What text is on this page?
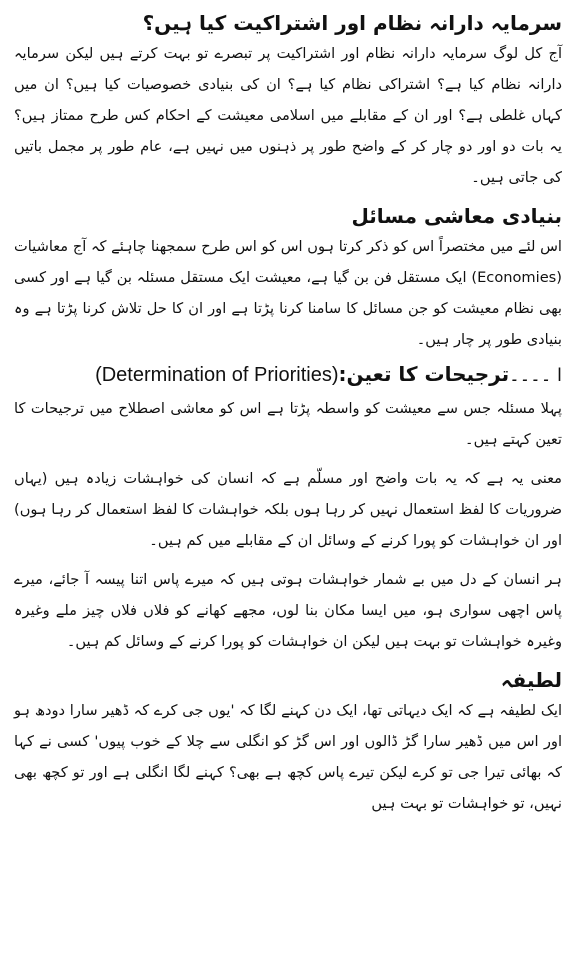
سرمایہ دارانہ نظام اور اشتراکیت کیا ہیں؟

آج کل لوگ سرمایہ دارانہ نظام اور اشتراکیت پر تبصرے تو بہت کرتے ہیں لیکن سرمایہ دارانہ نظام کیا ہے؟ اشتراکی نظام کیا ہے؟ ان کی بنیادی خصوصیات کیا ہیں؟ ان میں کہاں غلطی ہے؟ اور ان کے مقابلے میں اسلامی معیشت کے احکام کس طرح ممتاز ہیں؟ یہ بات دو اور دو چار کر کے واضح طور پر ذہنوں میں نہیں ہے، عام طور پر مجمل باتیں کی جاتی ہیں۔

بنیادی معاشی مسائل

اس لئے میں مختصراً اس کو ذکر کرتا ہوں اس کو اس طرح سمجھنا چاہئے کہ آج معاشیات (Economies) ایک مستقل فن بن گیا ہے، معیشت ایک مستقل مسئلہ بن گیا ہے اور کسی بھی نظام معیشت کو جن مسائل کا سامنا کرنا پڑتا ہے اور ان کا حل تلاش کرنا پڑتا ہے وہ بنیادی طور پر چار ہیں۔

ا ۔۔۔۔
ترجیحات کا تعین:
(Determination of Priorities)

پہلا مسئلہ جس سے معیشت کو واسطہ پڑتا ہے اس کو معاشی اصطلاح میں ترجیحات کا تعین کہتے ہیں۔

معنی یہ ہے کہ یہ بات واضح اور مسلّم ہے کہ انسان کی خواہشات زیادہ ہیں (یہاں ضروریات کا لفظ استعمال نہیں کر رہا ہوں بلکہ خواہشات کا لفظ استعمال کر رہا ہوں) اور ان خواہشات کو پورا کرنے کے وسائل ان کے مقابلے میں کم ہیں۔

ہر انسان کے دل میں بے شمار خواہشات ہوتی ہیں کہ میرے پاس اتنا پیسہ آ جائے، میرے پاس اچھی سواری ہو، میں ایسا مکان بنا لوں، مجھے کھانے کو فلاں فلاں چیز ملے وغیرہ وغیرہ خواہشات تو بہت ہیں لیکن ان خواہشات کو پورا کرنے کے وسائل کم ہیں۔

لطیفہ

ایک لطیفہ ہے کہ ایک دیہاتی تھا، ایک دن کہنے لگا کہ 'یوں جی کرے کہ ڈھیر سارا دودھ ہو اور اس میں ڈھیر سارا گڑ ڈالوں اور اس گڑ کو انگلی سے چلا کے خوب پیوں' کسی نے کہا کہ بھائی تیرا جی تو کرے لیکن تیرے پاس کچھ ہے بھی؟ کہنے لگا انگلی ہے اور تو کچھ بھی نہیں، تو خواہشات تو بہت ہیں
